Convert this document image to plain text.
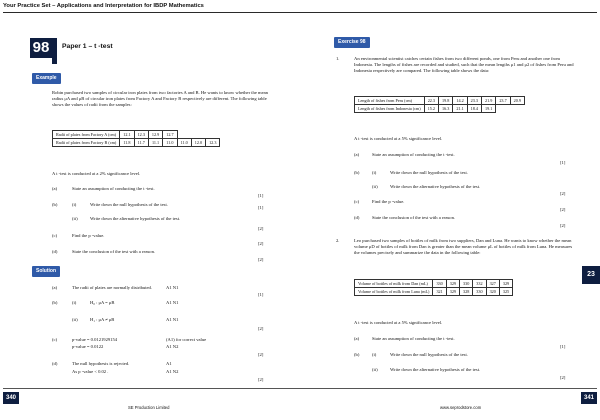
Your Practice Set – Applications and Interpretation for IBDP Mathematics
98	Paper 1 – t -test
Example
Robin purchased two samples of circular iron plates from two factories A and B. He wants to know whether the mean radius μA and μB of circular iron plates from Factory A and Factory B respectively are different. The following table shows the values of radii from the samples:
Radii of plates from Factory A (cm)	12.1	12.3	12.9	12.7			
Radii of plates from Factory B (cm)	11.8	11.7	11.1	11.0	11.0	12.0	12.3
A t -test is conducted at a 2% significance level.
(a)	State an assumption of conducting the t -test.
[1]
(b)	(i)	Write down the null hypothesis of the test.
[1]
(ii)	Write down the alternative hypothesis of the test.
[2]
(c)	Find the p -value.
[2]
(d)	State the conclusion of the test with a reason.
[2]
Solution
(a)	The radii of plates are normally distributed.	A1 N1
[1]
(b)	(i)	H₀ : μA = μB	A1 N1
(ii)	H₁ : μA ≠ μB	A1 N1
[2]
(c)	p-value = 0.0121929154	(A1) for correct value
p-value = 0.0122	A1 N2
[2]
(d)	The null hypothesis is rejected.	A1
As p -value < 0.02 .	A1 N2
[2]
Exercise 98
1.	An environmental scientist catches certain fishes from two different ponds, one from Peru and another one from Indonesia. The lengths of fishes are recorded and studied, such that the mean lengths μ1 and μ2 of fishes from Peru and Indonesia respectively are compared. The following table shows the data:
Length of fishes from Peru (cm)	22.3	19.8	14.2	23.3	21.9	23.7	20.9
Length of fishes from Indonesia (cm)	15.2	16.3	21.1	18.4	19.1		
A t -test is conducted at a 5% significance level.
(a)	State an assumption of conducting the t -test.
[1]
(b)	(i)	Write down the null hypothesis of the test.
(ii)	Write down the alternative hypothesis of the test.
[2]
(c)	Find the p -value.
[2]
(d)	State the conclusion of the test with a reason.
[2]
2.	Leo purchased two samples of bottles of milk from two suppliers, Dan and Luna. He wants to know whether the mean volume μD of bottles of milk from Dan is greater than the mean volume μL of bottles of milk from Luna. He measures the volumes precisely and summarize the data in the following table:
Volume of bottles of milk from Dan (mL)	330	329	330	332	327	329
Volume of bottles of milk from Luna (mL)	321	329	328	330	320	325
A t -test is conducted at a 5% significance level.
(a)	State an assumption of conducting the t -test.
[1]
(b)	(i)	Write down the null hypothesis of the test.
(ii)	Write down the alternative hypothesis of the test.
[2]
23
340
SE Production Limited	www.seprodstore.com
341
